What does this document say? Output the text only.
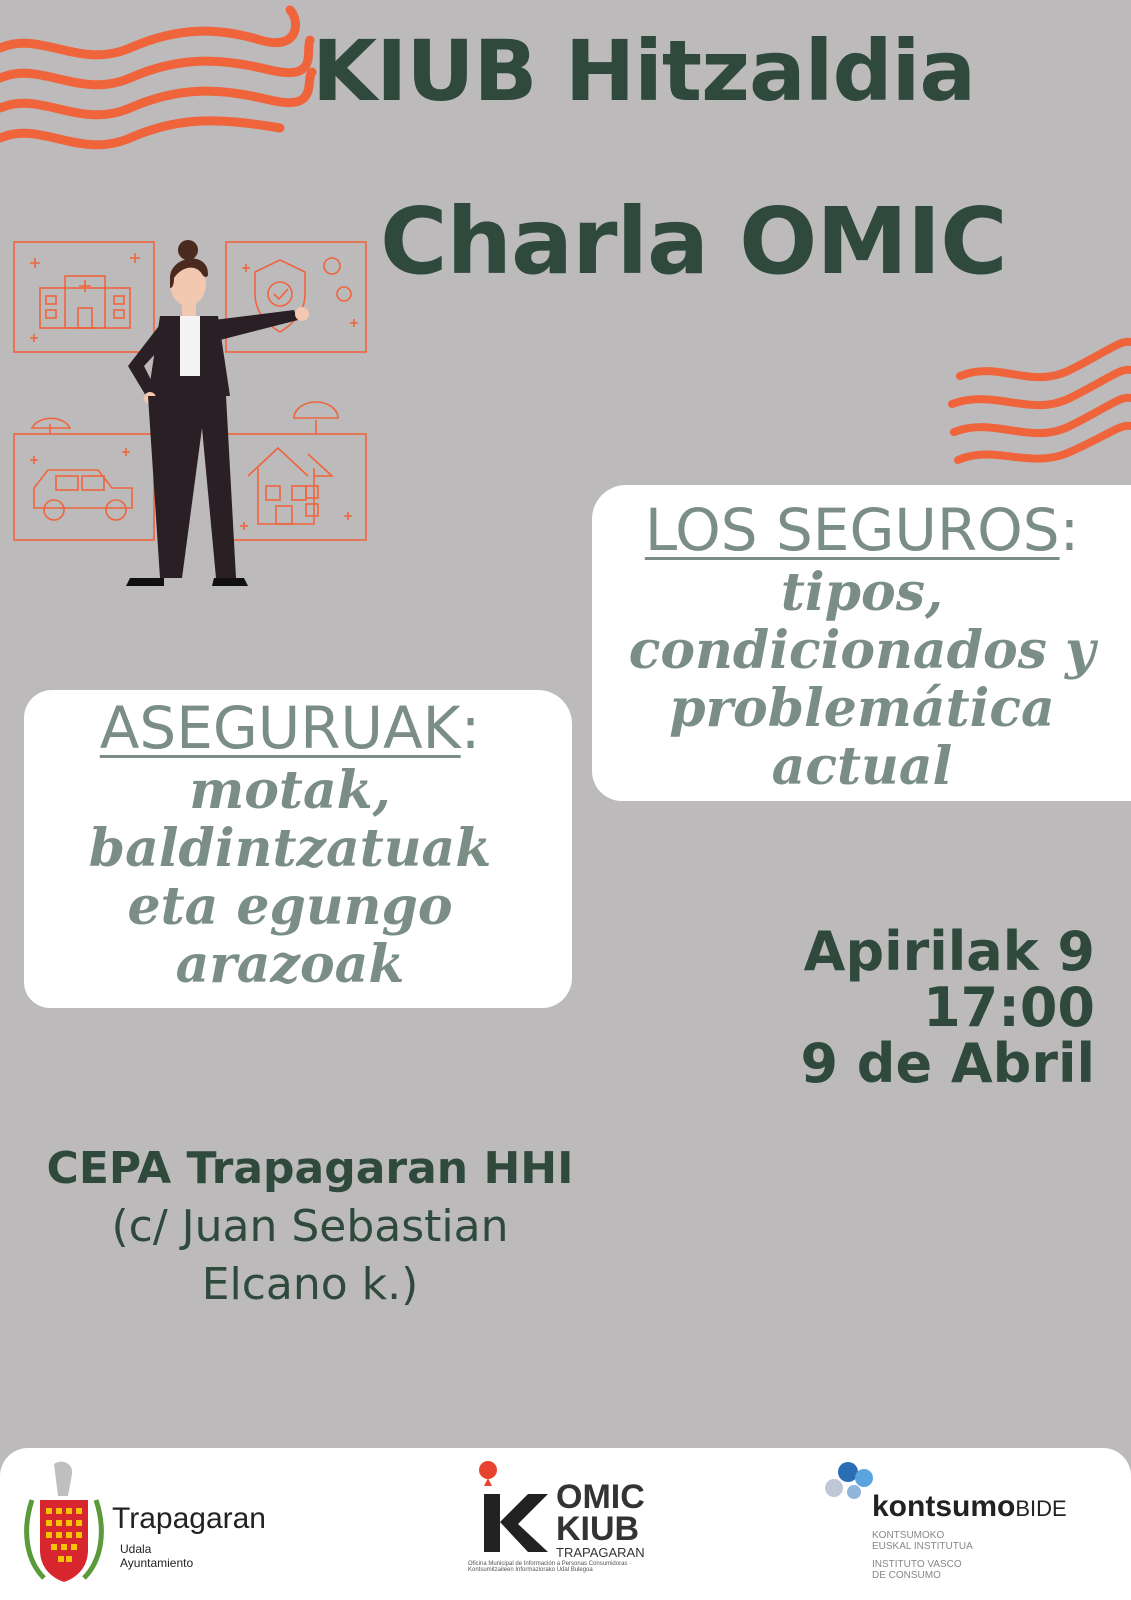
KIUB Hitzaldia
Charla OMIC
LOS SEGUROS:
tipos,
condicionados y
problemática
actual
ASEGURUAK:
motak,
baldintzatuak
eta egungo
arazoak	Apirilak 9
17:00
9 de Abril
CEPA Trapagaran HHI
(c/ Juan Sebastian
Elcano k.)
Trapagaran
Udala
Ayuntamiento
OMIC
KIUB
TRAPAGARAN
Oficina Municipal de Información a Personas Consumidoras · Kontsumitzaileen Informaziorako Udal Bulegoa
kontsumoBIDE
KONTSUMOKO
EUSKAL INSTITUTUA
INSTITUTO VASCO
DE CONSUMO
